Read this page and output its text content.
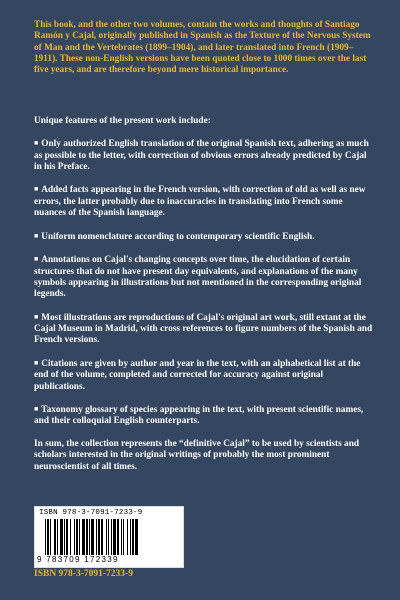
This book, and the other two volumes, contain the works and thoughts of Santiago Ramón y Cajal, originally published in Spanish as the Texture of the Nervous System of Man and the Vertebrates (1899–1904), and later translated into French (1909–1911). These non-English versions have been quoted close to 1000 times over the last five years, and are therefore beyond mere historical importance.

Unique features of the present work include:

■ Only authorized English translation of the original Spanish text, adhering as much as possible to the letter, with correction of obvious errors already predicted by Cajal in his Preface.
■ Added facts appearing in the French version, with correction of old as well as new errors, the latter probably due to inaccuracies in translating into French some nuances of the Spanish language.
■ Uniform nomenclature according to contemporary scientific English.
■ Annotations on Cajal's changing concepts over time, the elucidation of certain structures that do not have present day equivalents, and explanations of the many symbols appearing in illustrations but not mentioned in the corresponding original legends.
■ Most illustrations are reproductions of Cajal's original art work, still extant at the Cajal Museum in Madrid, with cross references to figure numbers of the Spanish and French versions.
■ Citations are given by author and year in the text, with an alphabetical list at the end of the volume, completed and corrected for accuracy against original publications.
■ Taxonomy glossary of species appearing in the text, with present scientific names, and their colloquial English counterparts.

In sum, the collection represents the “definitive Cajal” to be used by scientists and scholars interested in the original writings of probably the most prominent neuroscientist of all times.

ISBN 978-3-7091-7233-9
9 783709 172339
ISBN 978-3-7091-7233-9
